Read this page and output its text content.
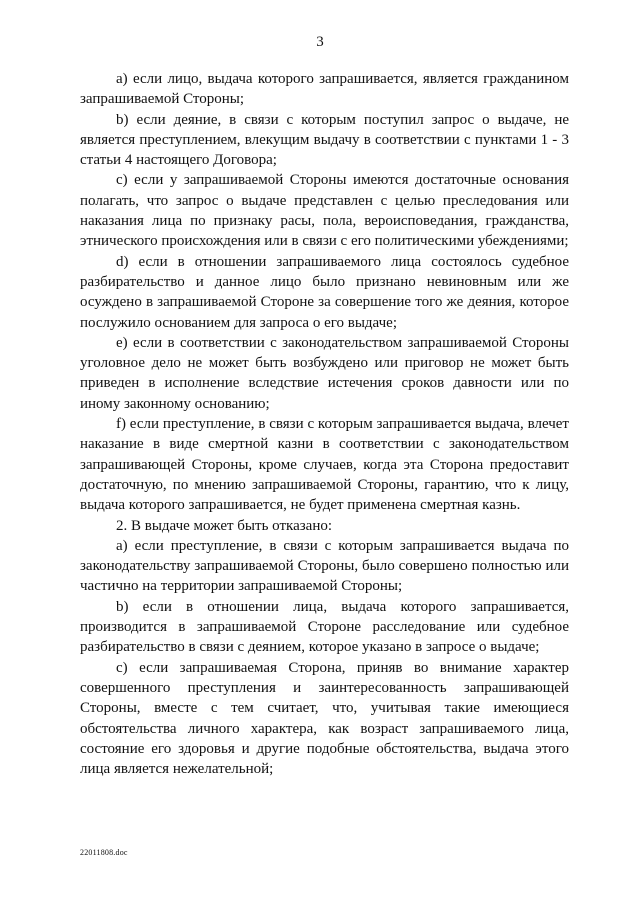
3

a) если лицо, выдача которого запрашивается, является гражданином запрашиваемой Стороны;

b) если деяние, в связи с которым поступил запрос о выдаче, не является преступлением, влекущим выдачу в соответствии с пунктами 1 - 3 статьи 4 настоящего Договора;

c) если у запрашиваемой Стороны имеются достаточные основания полагать, что запрос о выдаче представлен с целью преследования или наказания лица по признаку расы, пола, вероисповедания, гражданства, этнического происхождения или в связи с его политическими убеждениями;

d) если в отношении запрашиваемого лица состоялось судебное разбирательство и данное лицо было признано невиновным или же осуждено в запрашиваемой Стороне за совершение того же деяния, которое послужило основанием для запроса о его выдаче;

e) если в соответствии с законодательством запрашиваемой Стороны уголовное дело не может быть возбуждено или приговор не может быть приведен в исполнение вследствие истечения сроков давности или по иному законному основанию;

f) если преступление, в связи с которым запрашивается выдача, влечет наказание в виде смертной казни в соответствии с законодательством запрашивающей Стороны, кроме случаев, когда эта Сторона предоставит достаточную, по мнению запрашиваемой Стороны, гарантию, что к лицу, выдача которого запрашивается, не будет применена смертная казнь.

2. В выдаче может быть отказано:

a) если преступление, в связи с которым запрашивается выдача по законодательству запрашиваемой Стороны, было совершено полностью или частично на территории запрашиваемой Стороны;

b) если в отношении лица, выдача которого запрашивается, производится в запрашиваемой Стороне расследование или судебное разбирательство в связи с деянием, которое указано в запросе о выдаче;

c) если запрашиваемая Сторона, приняв во внимание характер совершенного преступления и заинтересованность запрашивающей Стороны, вместе с тем считает, что, учитывая такие имеющиеся обстоятельства личного характера, как возраст запрашиваемого лица, состояние его здоровья и другие подобные обстоятельства, выдача этого лица является нежелательной;

22011808.doc
